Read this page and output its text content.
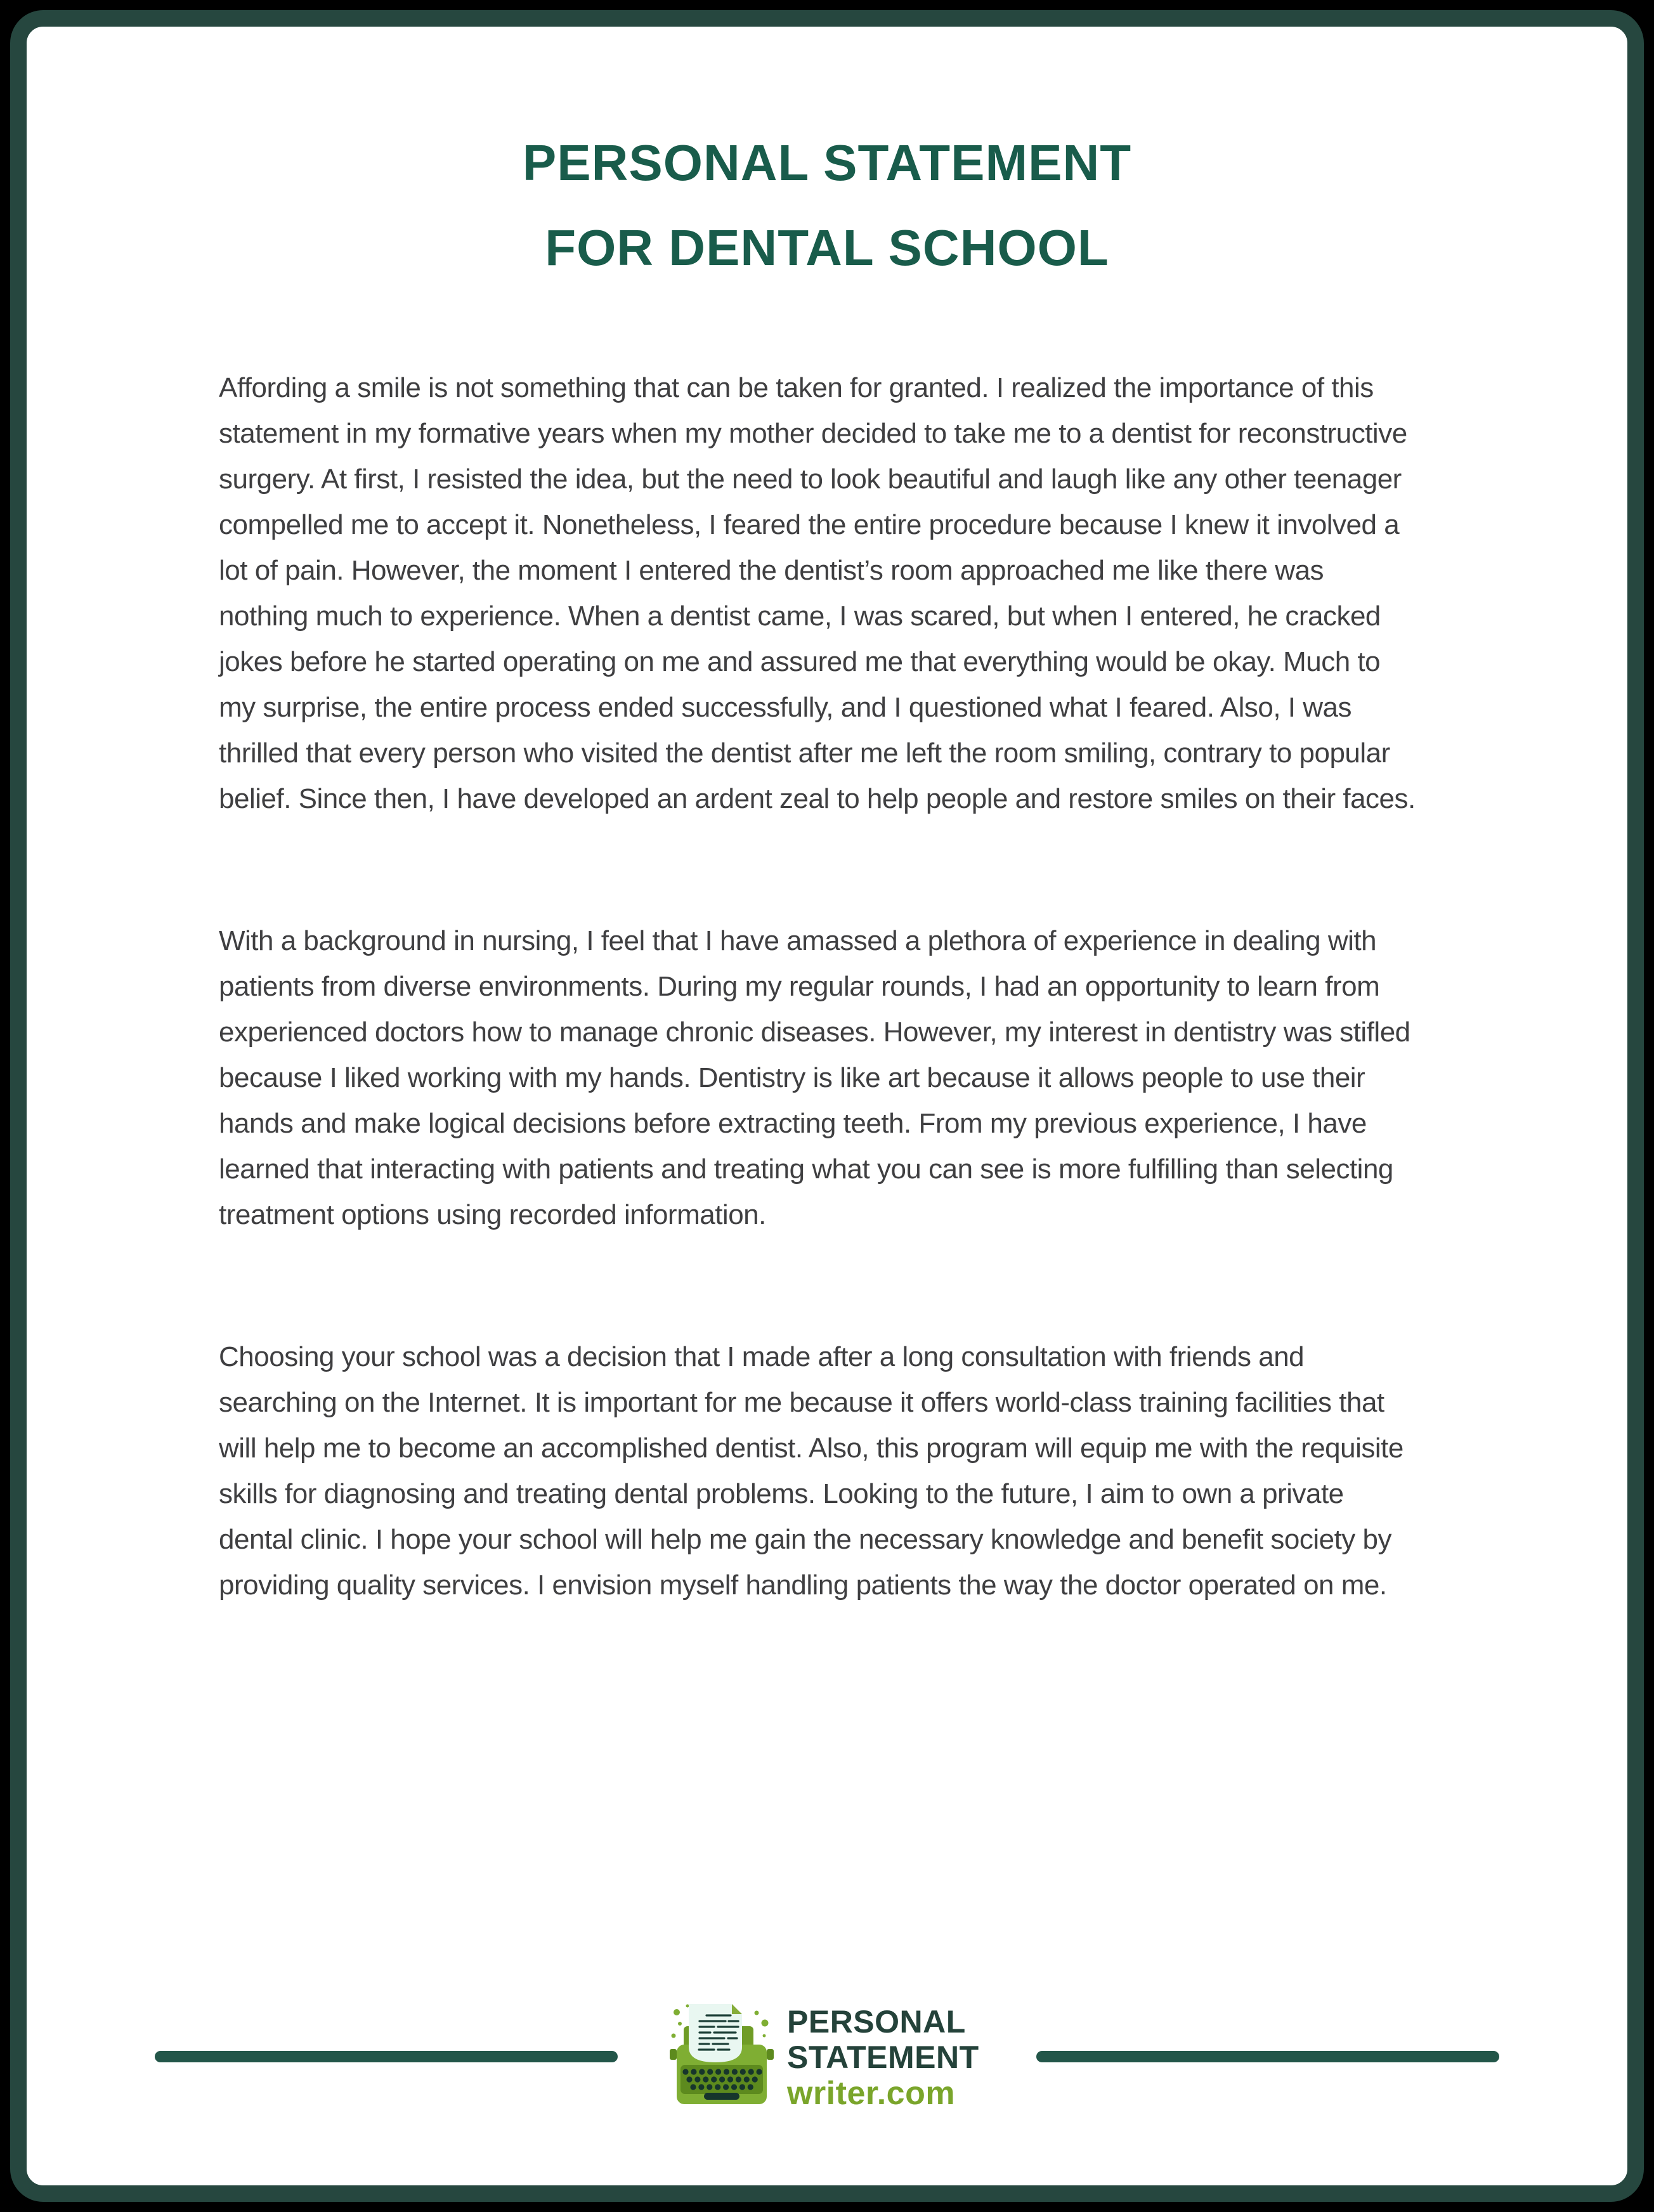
PERSONAL STATEMENT
FOR DENTAL SCHOOL

Affording a smile is not something that can be taken for granted. I realized the importance of this statement in my formative years when my mother decided to take me to a dentist for reconstructive surgery. At first, I resisted the idea, but the need to look beautiful and laugh like any other teenager compelled me to accept it. Nonetheless, I feared the entire procedure because I knew it involved a lot of pain. However, the moment I entered the dentist’s room approached me like there was nothing much to experience. When a dentist came, I was scared, but when I entered, he cracked jokes before he started operating on me and assured me that everything would be okay. Much to my surprise, the entire process ended successfully, and I questioned what I feared. Also, I was thrilled that every person who visited the dentist after me left the room smiling, contrary to popular belief. Since then, I have developed an ardent zeal to help people and restore smiles on their faces.

With a background in nursing, I feel that I have amassed a plethora of experience in dealing with patients from diverse environments. During my regular rounds, I had an opportunity to learn from experienced doctors how to manage chronic diseases. However, my interest in dentistry was stifled because I liked working with my hands. Dentistry is like art because it allows people to use their hands and make logical decisions before extracting teeth. From my previous experience, I have learned that interacting with patients and treating what you can see is more fulfilling than selecting treatment options using recorded information.

Choosing your school was a decision that I made after a long consultation with friends and searching on the Internet. It is important for me because it offers world-class training facilities that will help me to become an accomplished dentist. Also, this program will equip me with the requisite skills for diagnosing and treating dental problems. Looking to the future, I aim to own a private dental clinic. I hope your school will help me gain the necessary knowledge and benefit society by providing quality services. I envision myself handling patients the way the doctor operated on me.

PERSONAL
STATEMENT
writer.com
